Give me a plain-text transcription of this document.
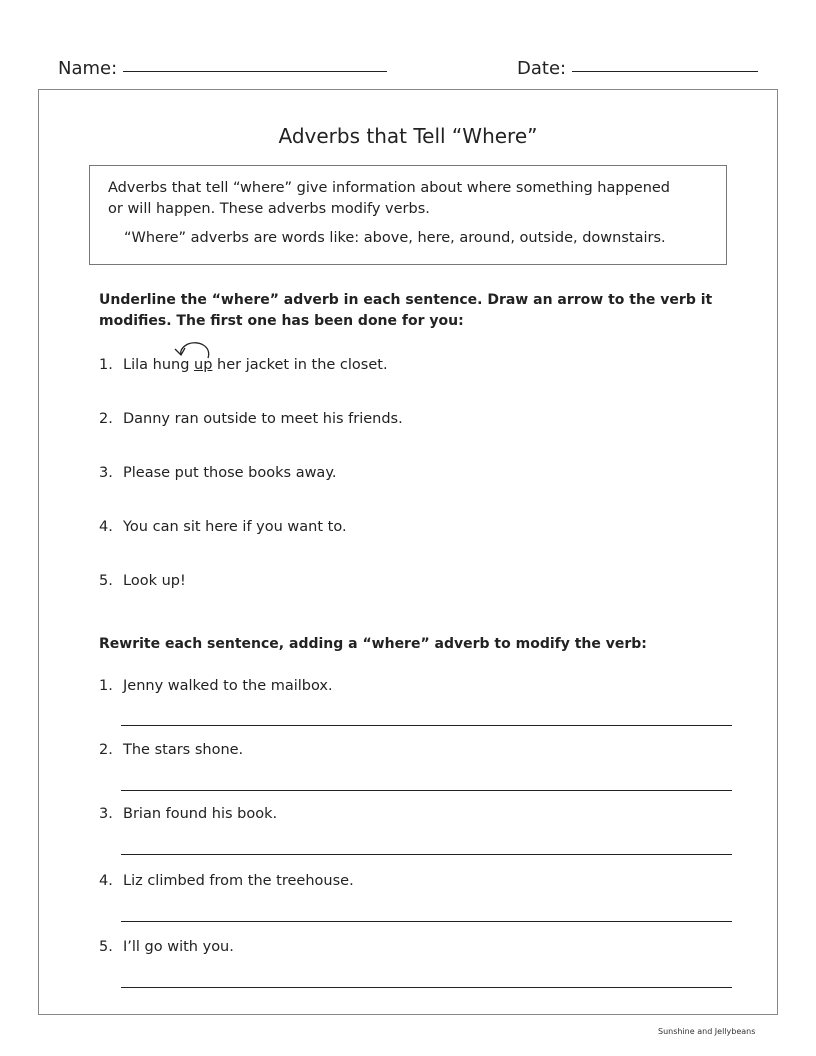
Name:	Date:
Adverbs that Tell “Where”
Adverbs that tell “where” give information about where something happened
or will happen. These adverbs modify verbs.
“Where” adverbs are words like: above, here, around, outside, downstairs.
Underline the “where” adverb in each sentence. Draw an arrow to the verb it
modifies. The first one has been done for you:
1. Lila hung up her jacket in the closet.
2. Danny ran outside to meet his friends.
3. Please put those books away.
4. You can sit here if you want to.
5. Look up!
Rewrite each sentence, adding a “where” adverb to modify the verb:
1. Jenny walked to the mailbox.
2. The stars shone.
3. Brian found his book.
4. Liz climbed from the treehouse.
5. I’ll go with you.
Sunshine and Jellybeans
